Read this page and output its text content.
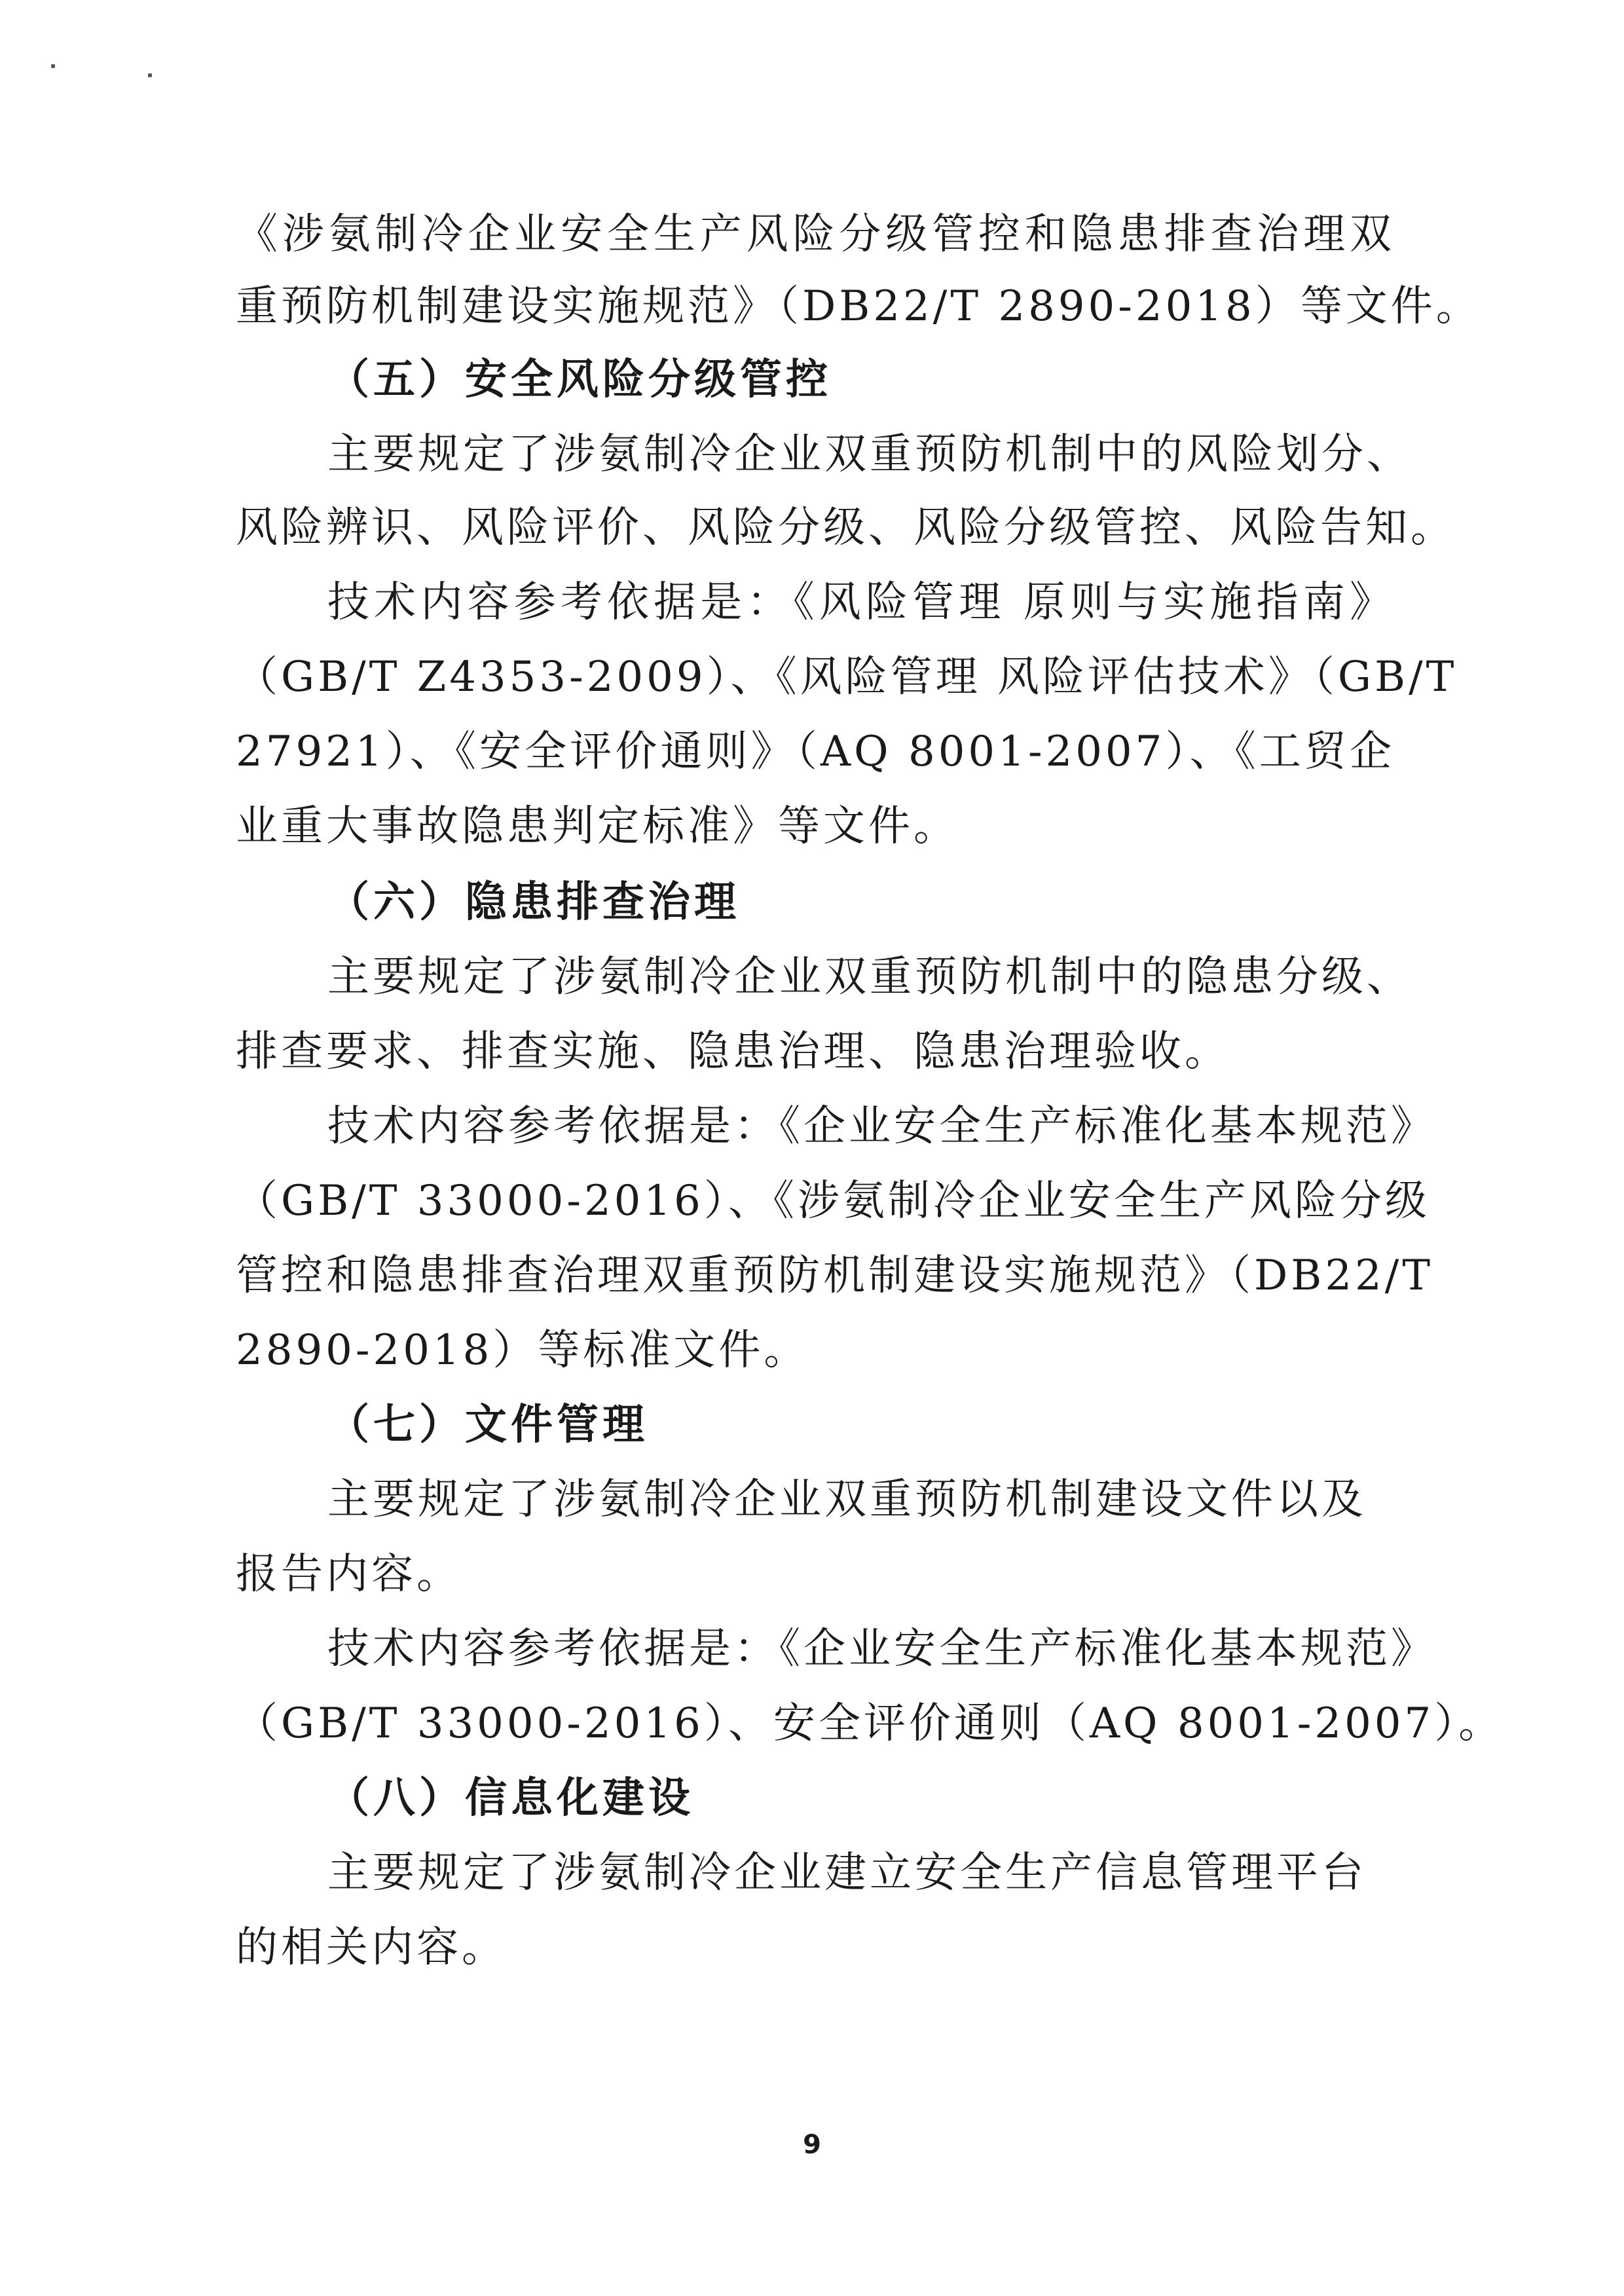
《涉氨制冷企业安全生产风险分级管控和隐患排查治理双
重预防机制建设实施规范》（DB22/T 2890-2018）等文件。
（五）安全风险分级管控
主要规定了涉氨制冷企业双重预防机制中的风险划分、
风险辨识、风险评价、风险分级、风险分级管控、风险告知。
技术内容参考依据是：《风险管理 原则与实施指南》
（GB/T Z4353-2009）、《风险管理 风险评估技术》（GB/T
27921）、《安全评价通则》（AQ 8001-2007）、《工贸企
业重大事故隐患判定标准》等文件。
（六）隐患排查治理
主要规定了涉氨制冷企业双重预防机制中的隐患分级、
排查要求、排查实施、隐患治理、隐患治理验收。
技术内容参考依据是：《企业安全生产标准化基本规范》
（GB/T 33000-2016）、《涉氨制冷企业安全生产风险分级
管控和隐患排查治理双重预防机制建设实施规范》（DB22/T
2890-2018）等标准文件。
（七）文件管理
主要规定了涉氨制冷企业双重预防机制建设文件以及
报告内容。
技术内容参考依据是：《企业安全生产标准化基本规范》
（GB/T 33000-2016）、安全评价通则（AQ 8001-2007）。
（八）信息化建设
主要规定了涉氨制冷企业建立安全生产信息管理平台
的相关内容。
9
